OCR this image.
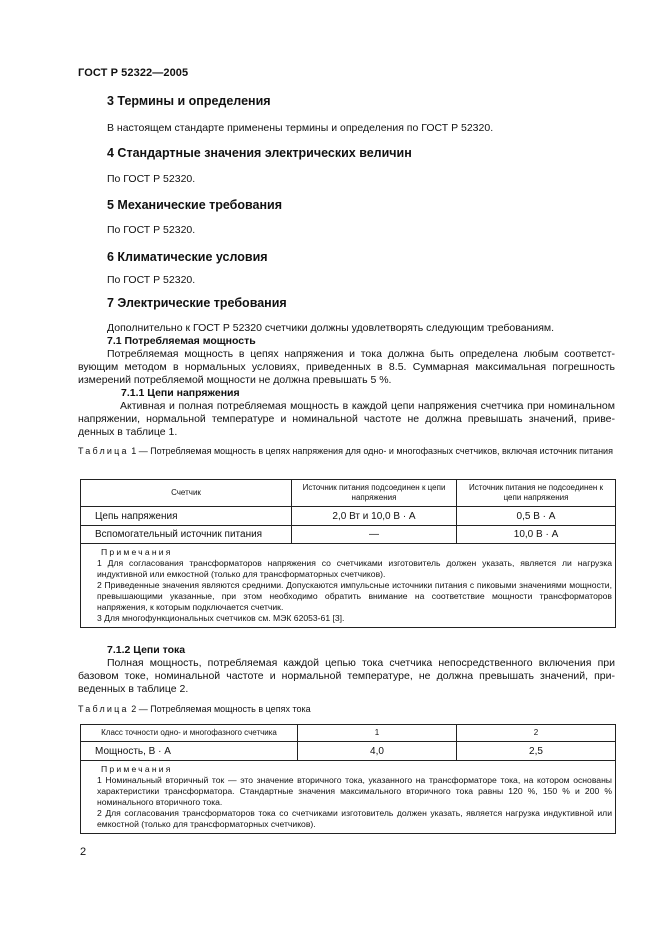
ГОСТ Р 52322—2005
3 Термины и определения
В настоящем стандарте применены термины и определения по ГОСТ Р 52320.
4 Стандартные значения электрических величин
По ГОСТ Р 52320.
5 Механические требования
По ГОСТ Р 52320.
6 Климатические условия
По ГОСТ Р 52320.
7 Электрические требования
Дополнительно к ГОСТ Р 52320 счетчики должны удовлетворять следующим требованиям.
7.1 Потребляемая мощность
Потребляемая мощность в цепях напряжения и тока должна быть определена любым соответст-
вующим методом в нормальных условиях, приведенных в 8.5. Суммарная максимальная погрешность
измерений потребляемой мощности не должна превышать 5 %.
7.1.1 Цепи напряжения
Активная и полная потребляемая мощность в каждой цепи напряжения счетчика при номинальном
напряжении, нормальной температуре и номинальной частоте не должна превышать значений, приве-
денных в таблице 1.
Таблица 1 — Потребляемая мощность в цепях напряжения для одно- и многофазных счетчиков, включая источник питания
Счетчик	Источник питания подсоединен к цепи напряжения	Источник питания не подсоединен к цепи напряжения
Цепь напряжения	2,0 Вт и 10,0 В · А	0,5 В · А
Вспомогательный источник питания	—	10,0 В · А

Примечания
1 Для согласования трансформаторов напряжения со счетчиками изготовитель должен указать, является ли нагрузка индуктивной или емкостной (только для трансформаторных счетчиков).
2 Приведенные значения являются средними. Допускаются импульсные источники питания с пиковыми значениями мощности, превышающими указанные, при этом необходимо обратить внимание на соответствие мощности трансформаторов напряжения, к которым подключается счетчик.
3 Для многофункциональных счетчиков см. МЭК 62053-61 [3].		
7.1.2 Цепи тока
Полная мощность, потребляемая каждой цепью тока счетчика непосредственного включения при
базовом токе, номинальной частоте и нормальной температуре, не должна превышать значений, при-
веденных в таблице 2.
Таблица 2 — Потребляемая мощность в цепях тока
Класс точности одно- и многофазного счетчика	1	2
Мощность, В · А	4,0	2,5

Примечания
1 Номинальный вторичный ток — это значение вторичного тока, указанного на трансформаторе тока, на котором основаны характеристики трансформатора. Стандартные значения максимального вторичного тока равны 120 %, 150 % и 200 % номинального вторичного тока.
2 Для согласования трансформаторов тока со счетчиками изготовитель должен указать, является нагрузка индуктивной или емкостной (только для трансформаторных счетчиков).		
2
